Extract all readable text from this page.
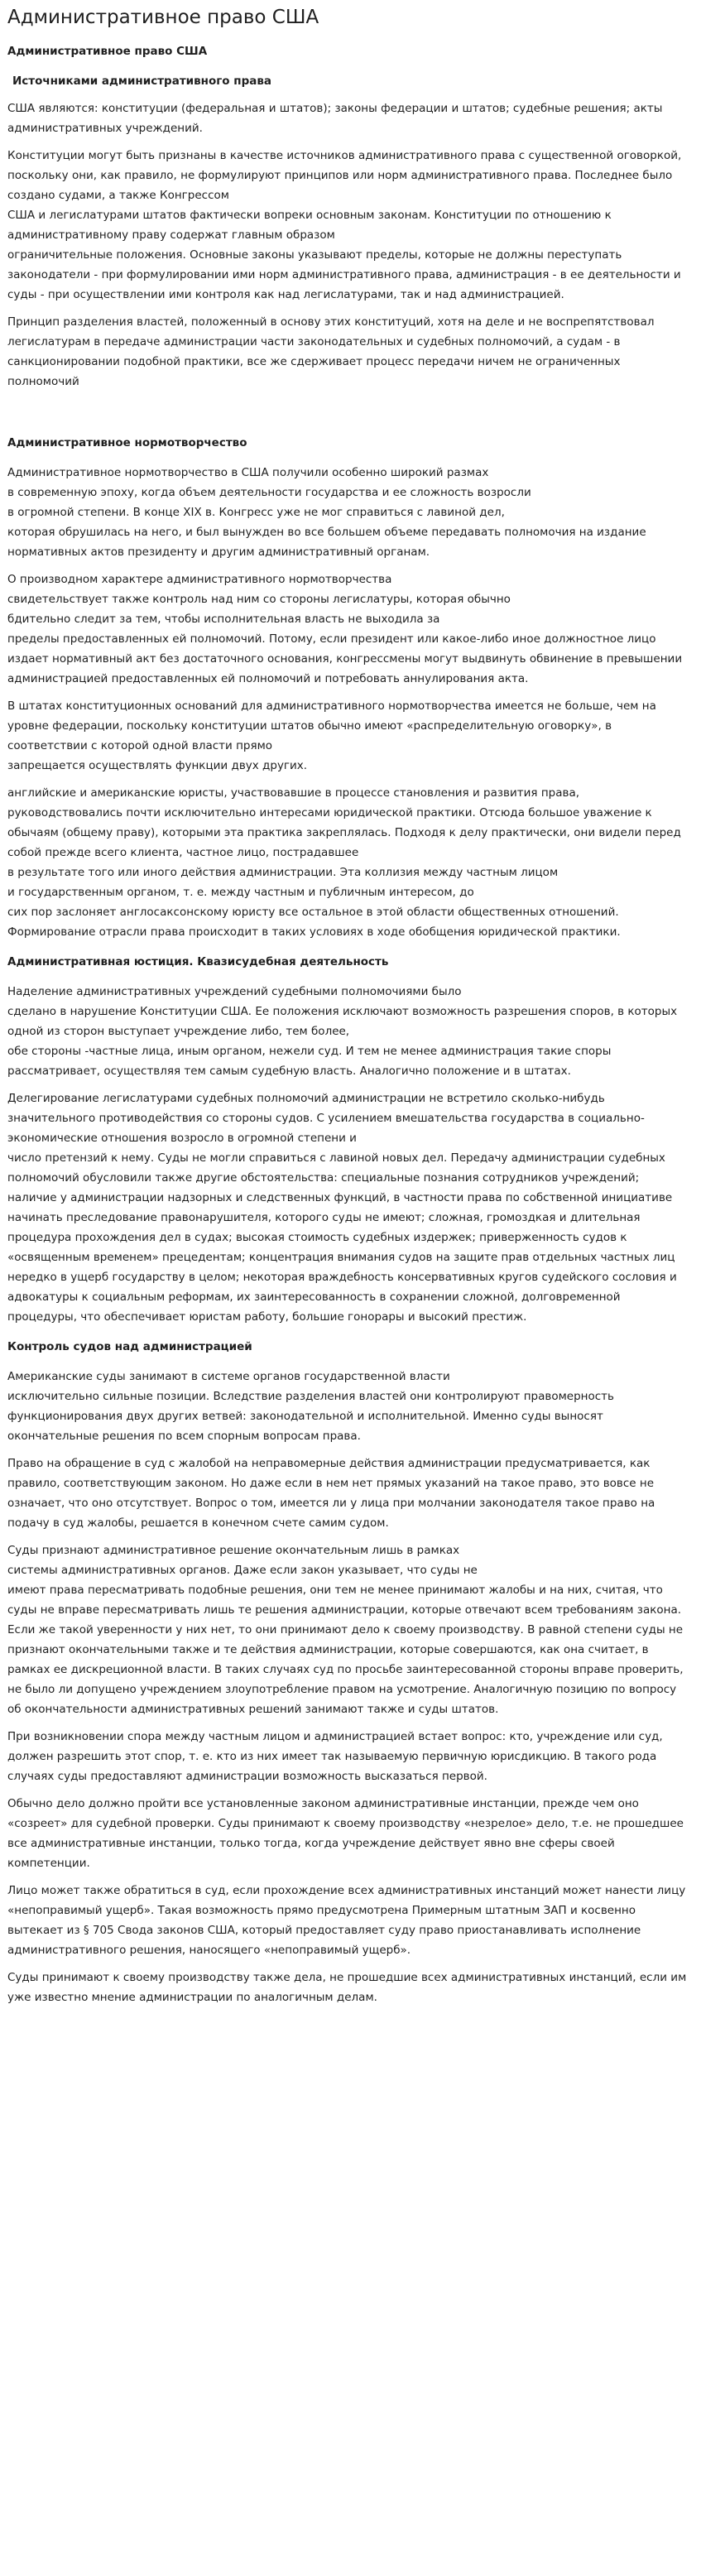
Административное право США
Административное право США
Источниками административного права

США являются: конституции (федеральная и штатов); законы федерации и штатов; судебные решения; акты административных учреждений.

Конституции могут быть признаны в качестве источников административного права с существенной оговоркой, поскольку они, как правило, не формулируют принципов или норм административного права. Последнее было создано судами, а также Конгрессом
США и легислатурами штатов фактически вопреки основным законам. Конституции по отношению к административному праву содержат главным образом
ограничительные положения. Основные законы указывают пределы, которые не должны переступать законодатели - при формулировании ими норм административного права, администрация - в ее деятельности и суды - при осуществлении ими контроля как над легислатурами, так и над администрацией.

Принцип разделения властей, положенный в основу этих конституций, хотя на деле и не воспрепятствовал легислатурам в передаче администрации части законодательных и судебных полномочий, а судам - в санкционировании подобной практики, все же сдерживает процесс передачи ничем не ограниченных полномочий

Административное нормотворчество

Административное нормотворчество в США получили особенно широкий размах
в современную эпоху, когда объем деятельности государства и ее сложность возросли
в огромной степени. В конце XIX в. Конгресс уже не мог справиться с лавиной дел,
которая обрушилась на него, и был вынужден во все большем объеме передавать полномочия на издание нормативных актов президенту и другим административный органам.

О производном характере административного нормотворчества
свидетельствует также контроль над ним со стороны легислатуры, которая обычно
бдительно следит за тем, чтобы исполнительная власть не выходила за
пределы предоставленных ей полномочий. Потому, если президент или какое-либо иное должностное лицо издает нормативный акт без достаточного основания, конгрессмены могут выдвинуть обвинение в превышении администрацией предоставленных ей полномочий и потребовать аннулирования акта.

В штатах конституционных оснований для административного нормотворчества имеется не больше, чем на уровне федерации, поскольку конституции штатов обычно имеют «распределительную оговорку», в соответствии с которой одной власти прямо
запрещается осуществлять функции двух других.

английские и американские юристы, участвовавшие в процессе становления и развития права, руководствовались почти исключительно интересами юридической практики. Отсюда большое уважение к обычаям (общему праву), которыми эта практика закреплялась. Подходя к делу практически, они видели перед собой прежде всего клиента, частное лицо, пострадавшее
в результате того или иного действия администрации. Эта коллизия между частным лицом
и государственным органом, т. е. между частным и публичным интересом, до
сих пор заслоняет англосаксонскому юристу все остальное в этой области общественных отношений. Формирование отрасли права происходит в таких условиях в ходе обобщения юридической практики.

Административная юстиция. Квазисудебная деятельность

Наделение административных учреждений судебными полномочиями было
сделано в нарушение Конституции США. Ее положения исключают возможность разрешения споров, в которых одной из сторон выступает учреждение либо, тем более,
обе стороны -частные лица, иным органом, нежели суд. И тем не менее администрация такие споры рассматривает, осуществляя тем самым судебную власть. Аналогично положение и в штатах.

Делегирование легислатурами судебных полномочий администрации не встретило сколько-нибудь значительного противодействия со стороны судов. С усилением вмешательства государства в социально-экономические отношения возросло в огромной степени и
число претензий к нему. Суды не могли справиться с лавиной новых дел. Передачу администрации судебных полномочий обусловили также другие обстоятельства: специальные познания сотрудников учреждений; наличие у администрации надзорных и следственных функций, в частности права по собственной инициативе начинать преследование правонарушителя, которого суды не имеют; сложная, громоздкая и длительная процедура прохождения дел в судах; высокая стоимость судебных издержек; приверженность судов к «освященным временем» прецедентам; концентрация внимания судов на защите прав отдельных частных лиц нередко в ущерб государству в целом; некоторая враждебность консервативных кругов судейского сословия и адвокатуры к социальным реформам, их заинтересованность в сохранении сложной, долговременной процедуры, что обеспечивает юристам работу, большие гонорары и высокий престиж.

Контроль судов над администрацией

Американские суды занимают в системе органов государственной власти
исключительно сильные позиции. Вследствие разделения властей они контролируют правомерность функционирования двух других ветвей: законодательной и исполнительной. Именно суды выносят окончательные решения по всем спорным вопросам права.

Право на обращение в суд с жалобой на неправомерные действия администрации предусматривается, как правило, соответствующим законом. Но даже если в нем нет прямых указаний на такое право, это вовсе не означает, что оно отсутствует. Вопрос о том, имеется ли у лица при молчании законодателя такое право на подачу в суд жалобы, решается в конечном счете самим судом.

Суды признают административное решение окончательным лишь в рамках
системы административных органов. Даже если закон указывает, что суды не
имеют права пересматривать подобные решения, они тем не менее принимают жалобы и на них, считая, что суды не вправе пересматривать лишь те решения администрации, которые отвечают всем требованиям закона. Если же такой уверенности у них нет, то они принимают дело к своему производству. В равной степени суды не признают окончательными также и те действия администрации, которые совершаются, как она считает, в рамках ее дискреционной власти. В таких случаях суд по просьбе заинтересованной стороны вправе проверить, не было ли допущено учреждением злоупотребление правом на усмотрение. Аналогичную позицию по вопросу об окончательности административных решений занимают также и суды штатов.

При возникновении спора между частным лицом и администрацией встает вопрос: кто, учреждение или суд, должен разрешить этот спор, т. е. кто из них имеет так называемую первичную юрисдикцию. В такого рода случаях суды предоставляют администрации возможность высказаться первой.

Обычно дело должно пройти все установленные законом административные инстанции, прежде чем оно «созреет» для судебной проверки. Суды принимают к своему производству «незрелое» дело, т.е. не прошедшее все административные инстанции, только тогда, когда учреждение действует явно вне сферы своей компетенции.

Лицо может также обратиться в суд, если прохождение всех административных инстанций может нанести лицу «непоправимый ущерб». Такая возможность прямо предусмотрена Примерным штатным ЗАП и косвенно вытекает из § 705 Свода законов США, который предоставляет суду право приостанавливать исполнение административного решения, наносящего «непоправимый ущерб».

Суды принимают к своему производству также дела, не прошедшие всех административных инстанций, если им уже известно мнение администрации по аналогичным делам.
